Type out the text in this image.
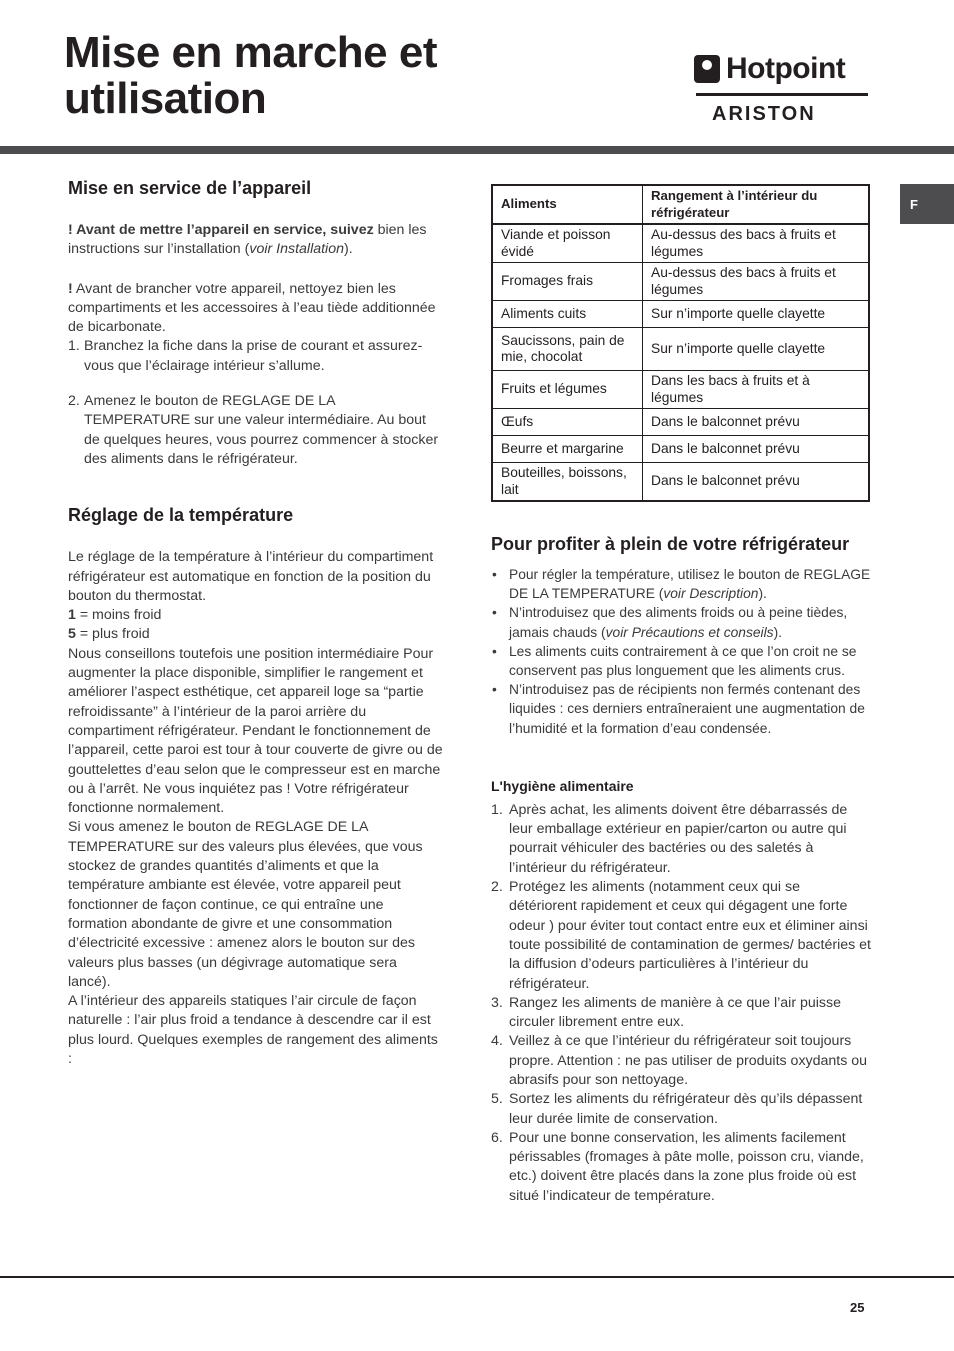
Mise en marche et
utilisation
Hotpoint
ARISTON
F
Mise en service de l’appareil

! Avant de mettre l’appareil en service, suivez bien les instructions sur l’installation (voir Installation).

! Avant de brancher votre appareil, nettoyez bien les compartiments et les accessoires à l’eau tiède additionnée de bicarbonate.

1. Branchez la fiche dans la prise de courant et assurez-vous que l’éclairage intérieur s’allume.
2. Amenez le bouton de REGLAGE DE LA TEMPERATURE sur une valeur intermédiaire. Au bout de quelques heures, vous pourrez commencer à stocker des aliments dans le réfrigérateur.
Réglage de la température

Le réglage de la température à l’intérieur du compartiment réfrigérateur est automatique en fonction de la position du bouton du thermostat.

1 = moins froid

5 = plus froid

Nous conseillons toutefois une position intermédiaire Pour augmenter la place disponible, simplifier le rangement et améliorer l’aspect esthétique, cet appareil loge sa “partie refroidissante” à l’intérieur de la paroi arrière du compartiment réfrigérateur. Pendant le fonctionnement de l’appareil, cette paroi est tour à tour couverte de givre ou de gouttelettes d’eau selon que le compresseur est en marche ou à l’arrêt. Ne vous inquiétez pas ! Votre réfrigérateur fonctionne normalement.

Si vous amenez le bouton de REGLAGE DE LA TEMPERATURE sur des valeurs plus élevées, que vous stockez de grandes quantités d’aliments et que la température ambiante est élevée, votre appareil peut fonctionner de façon continue, ce qui entraîne une formation abondante de givre et une consommation d’électricité excessive : amenez alors le bouton sur des valeurs plus basses (un dégivrage automatique sera lancé).

A l’intérieur des appareils statiques l’air circule de façon naturelle : l’air plus froid a tendance à descendre car il est plus lourd. Quelques exemples de rangement des aliments :

Aliments	Rangement à l’intérieur du réfrigérateur
Viande et poisson évidé	Au-dessus des bacs à fruits et légumes
Fromages frais	Au-dessus des bacs à fruits et légumes
Aliments cuits	Sur n’importe quelle clayette
Saucissons, pain de mie, chocolat	Sur n’importe quelle clayette
Fruits et légumes	Dans les bacs à fruits et à légumes
Œufs	Dans le balconnet prévu
Beurre et margarine	Dans le balconnet prévu
Bouteilles, boissons, lait	Dans le balconnet prévu
Pour profiter à plein de votre réfrigérateur
• Pour régler la température, utilisez le bouton de REGLAGE DE LA TEMPERATURE (voir Description).
• N’introduisez que des aliments froids ou à peine tièdes, jamais chauds (voir Précautions et conseils).
• Les aliments cuits contrairement à ce que l’on croit ne se conservent pas plus longuement que les aliments crus.
• N’introduisez pas de récipients non fermés contenant des liquides : ces derniers entraîneraient une augmentation de l’humidité et la formation d’eau condensée.
L'hygiène alimentaire
1. Après achat, les aliments doivent être débarrassés de leur emballage extérieur en papier/carton ou autre qui pourrait véhiculer des bactéries ou des saletés à l’intérieur du réfrigérateur.
2. Protégez les aliments (notamment ceux qui se détériorent rapidement et ceux qui dégagent une forte odeur ) pour éviter tout contact entre eux et éliminer ainsi toute possibilité de contamination de germes/ bactéries et la diffusion d’odeurs particulières à l’intérieur du réfrigérateur.
3. Rangez les aliments de manière à ce que l’air puisse circuler librement entre eux.
4. Veillez à ce que l’intérieur du réfrigérateur soit toujours propre. Attention : ne pas utiliser de produits oxydants ou abrasifs pour son nettoyage.
5. Sortez les aliments du réfrigérateur dès qu’ils dépassent leur durée limite de conservation.
6. Pour une bonne conservation, les aliments facilement périssables (fromages à pâte molle, poisson cru, viande, etc.) doivent être placés dans la zone plus froide où est situé l’indicateur de température.
25
